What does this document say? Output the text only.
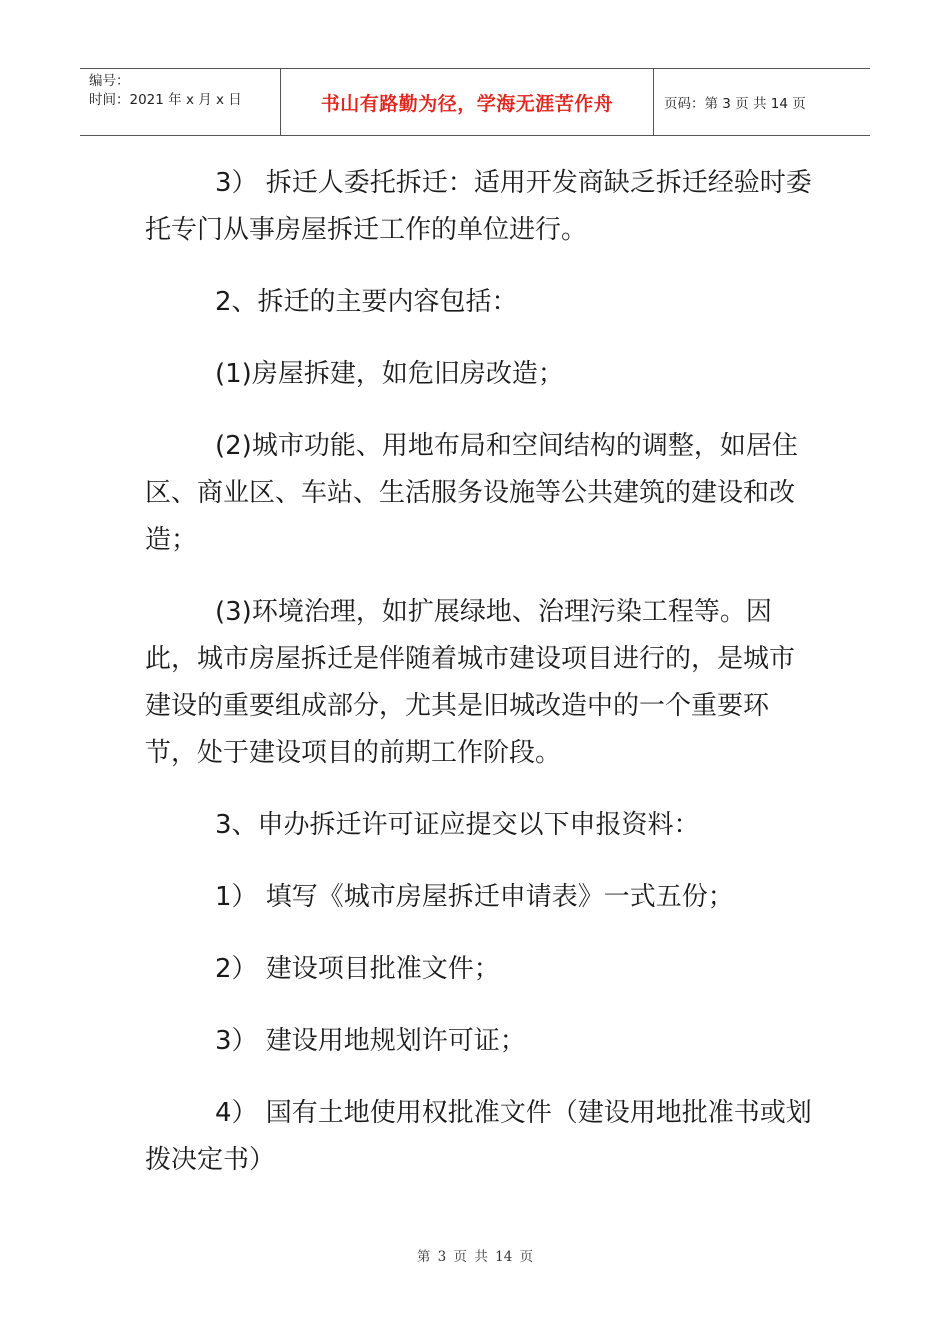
编号：
时间：2021 年 x 月 x 日	书山有路勤为径，学海无涯苦作舟	页码：第 3 页 共 14 页

3） 拆迁人委托拆迁：适用开发商缺乏拆迁经验时委托专门从事房屋拆迁工作的单位进行。

2、拆迁的主要内容包括：

(1)房屋拆建，如危旧房改造；

(2)城市功能、用地布局和空间结构的调整，如居住区、商业区、车站、生活服务设施等公共建筑的建设和改造；

(3)环境治理，如扩展绿地、治理污染工程等。因此，城市房屋拆迁是伴随着城市建设项目进行的，是城市建设的重要组成部分，尤其是旧城改造中的一个重要环节，处于建设项目的前期工作阶段。

3、申办拆迁许可证应提交以下申报资料：

1） 填写《城市房屋拆迁申请表》一式五份；

2） 建设项目批准文件；

3） 建设用地规划许可证；

4） 国有土地使用权批准文件（建设用地批准书或划拨决定书）

第 3 页 共 14 页
